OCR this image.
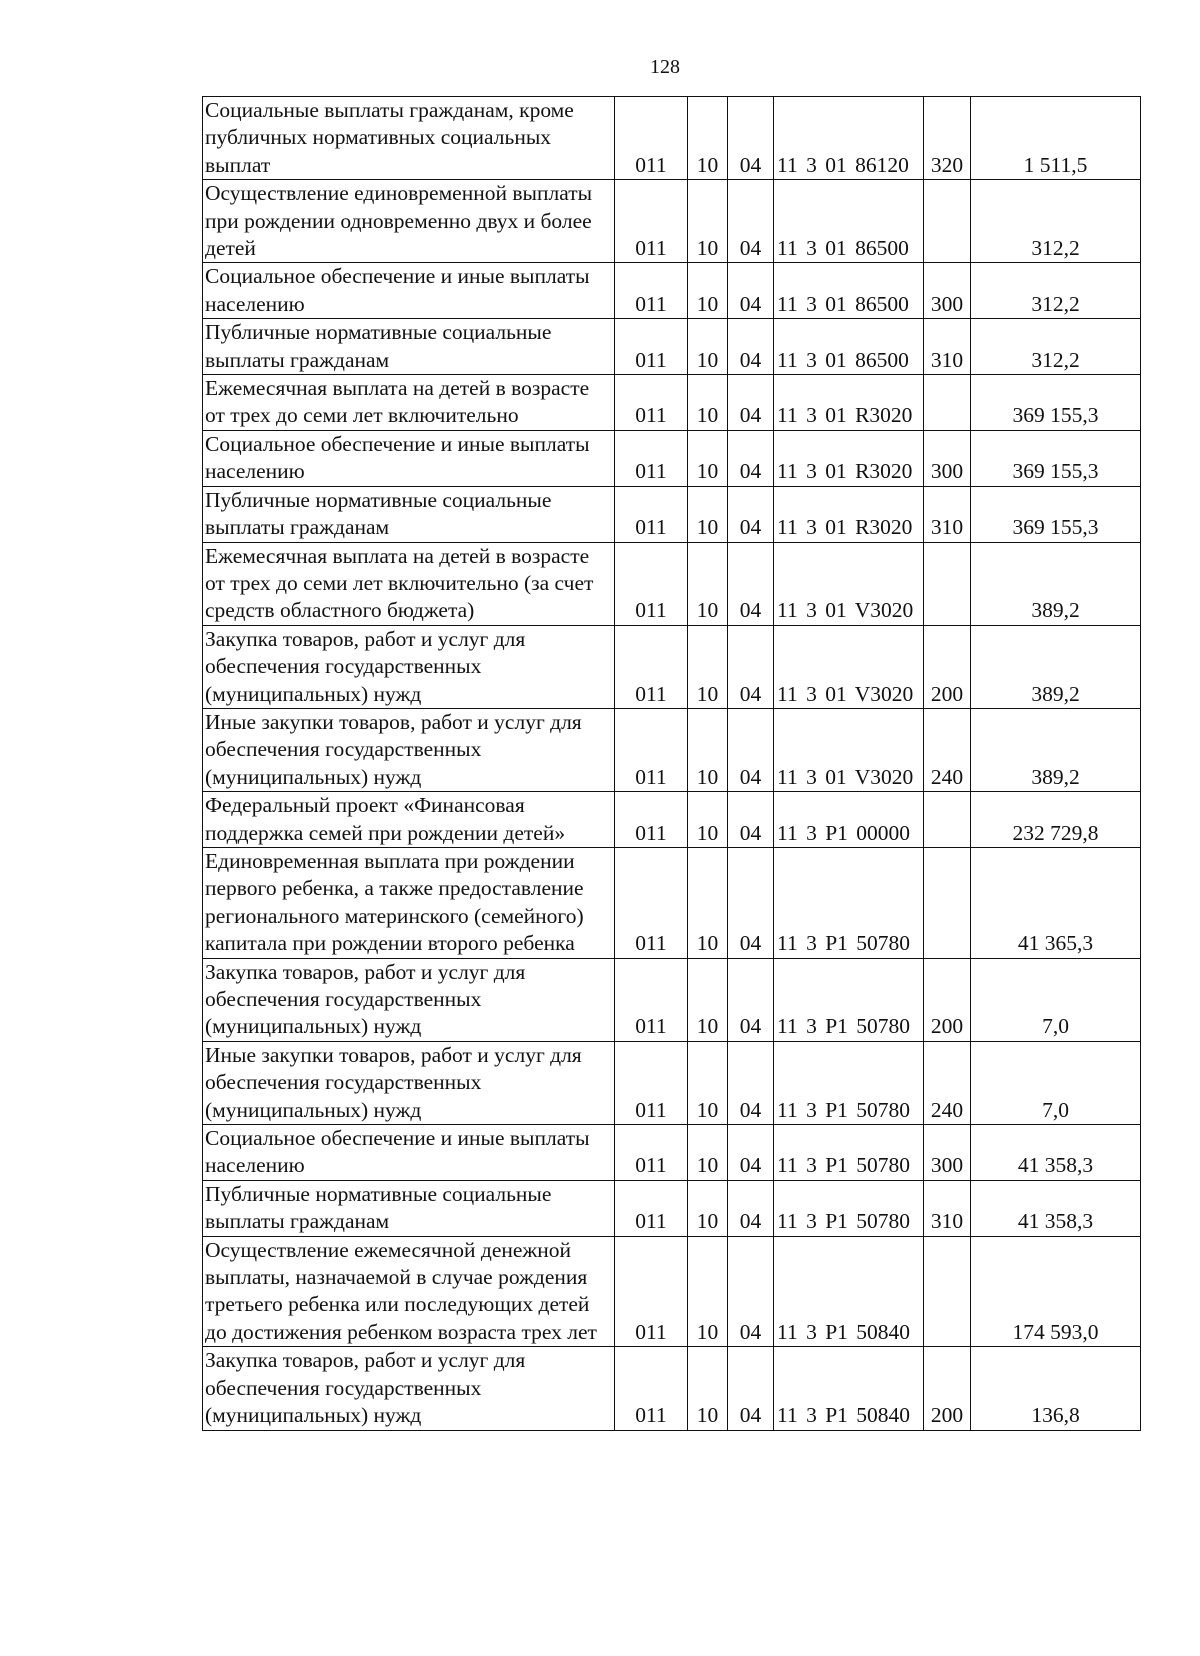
128
Социальные выплаты гражданам, кроме публичных нормативных социальных выплат	011	10	04	11 3 01 86120	320	1 511,5
Осуществление единовременной выплаты при рождении одновременно двух и более детей	011	10	04	11 3 01 86500		312,2
Социальное обеспечение и иные выплаты населению	011	10	04	11 3 01 86500	300	312,2
Публичные нормативные социальные выплаты гражданам	011	10	04	11 3 01 86500	310	312,2
Ежемесячная выплата на детей в возрасте от трех до семи лет включительно	011	10	04	11 3 01 R3020		369 155,3
Социальное обеспечение и иные выплаты населению	011	10	04	11 3 01 R3020	300	369 155,3
Публичные нормативные социальные выплаты гражданам	011	10	04	11 3 01 R3020	310	369 155,3
Ежемесячная выплата на детей в возрасте от трех до семи лет включительно (за счет средств областного бюджета)	011	10	04	11 3 01 V3020		389,2
Закупка товаров, работ и услуг для обеспечения государственных (муниципальных) нужд	011	10	04	11 3 01 V3020	200	389,2
Иные закупки товаров, работ и услуг для обеспечения государственных (муниципальных) нужд	011	10	04	11 3 01 V3020	240	389,2
Федеральный проект «Финансовая поддержка семей при рождении детей»	011	10	04	11 3 P1 00000		232 729,8
Единовременная выплата при рождении первого ребенка, а также предоставление регионального материнского (семейного) капитала при рождении второго ребенка	011	10	04	11 3 P1 50780		41 365,3
Закупка товаров, работ и услуг для обеспечения государственных (муниципальных) нужд	011	10	04	11 3 P1 50780	200	7,0
Иные закупки товаров, работ и услуг для обеспечения государственных (муниципальных) нужд	011	10	04	11 3 P1 50780	240	7,0
Социальное обеспечение и иные выплаты населению	011	10	04	11 3 P1 50780	300	41 358,3
Публичные нормативные социальные выплаты гражданам	011	10	04	11 3 P1 50780	310	41 358,3
Осуществление ежемесячной денежной выплаты, назначаемой в случае рождения третьего ребенка или последующих детей до достижения ребенком возраста трех лет	011	10	04	11 3 P1 50840		174 593,0
Закупка товаров, работ и услуг для обеспечения государственных (муниципальных) нужд	011	10	04	11 3 P1 50840	200	136,8
